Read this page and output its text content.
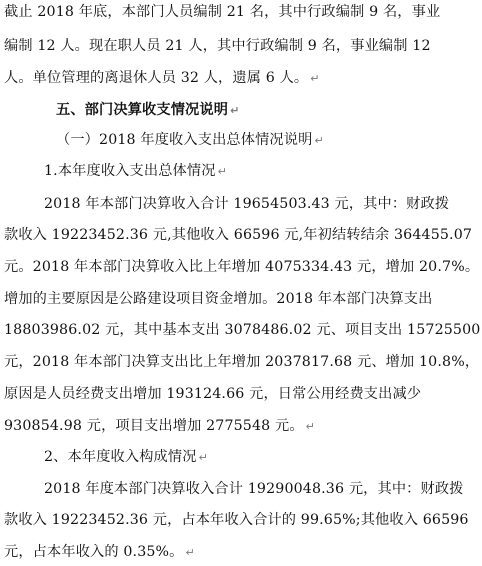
截止 2018 年底，本部门人员编制 21 名，其中行政编制 9 名，事业
编制 12 人。现在职人员 21 人，其中行政编制 9 名，事业编制 12
人。单位管理的离退休人员 32 人，遗属 6 人。 ↵
五、部门决算收支情况说明 ↵
（一）2018 年度收入支出总体情况说明 ↵
1.本年度收入支出总体情况 ↵
2018 年本部门决算收入合计 19654503.43 元，其中：财政拨
款收入 19223452.36 元,其他收入 66596 元,年初结转结余 364455.07
元。2018 年本部门决算收入比上年增加 4075334.43 元，增加 20.7%。
增加的主要原因是公路建设项目资金增加。2018 年本部门决算支出
18803986.02 元，其中基本支出 3078486.02 元、项目支出 15725500
元，2018 年本部门决算支出比上年增加 2037817.68 元、增加 10.8%，
原因是人员经费支出增加 193124.66 元，日常公用经费支出减少
930854.98 元，项目支出增加 2775548 元。 ↵
2、本年度收入构成情况 ↵
2018 年度本部门决算收入合计 19290048.36 元，其中：财政拨
款收入 19223452.36 元，占本年收入合计的 99.65%;其他收入 66596
元，占本年收入的 0.35%。 ↵
